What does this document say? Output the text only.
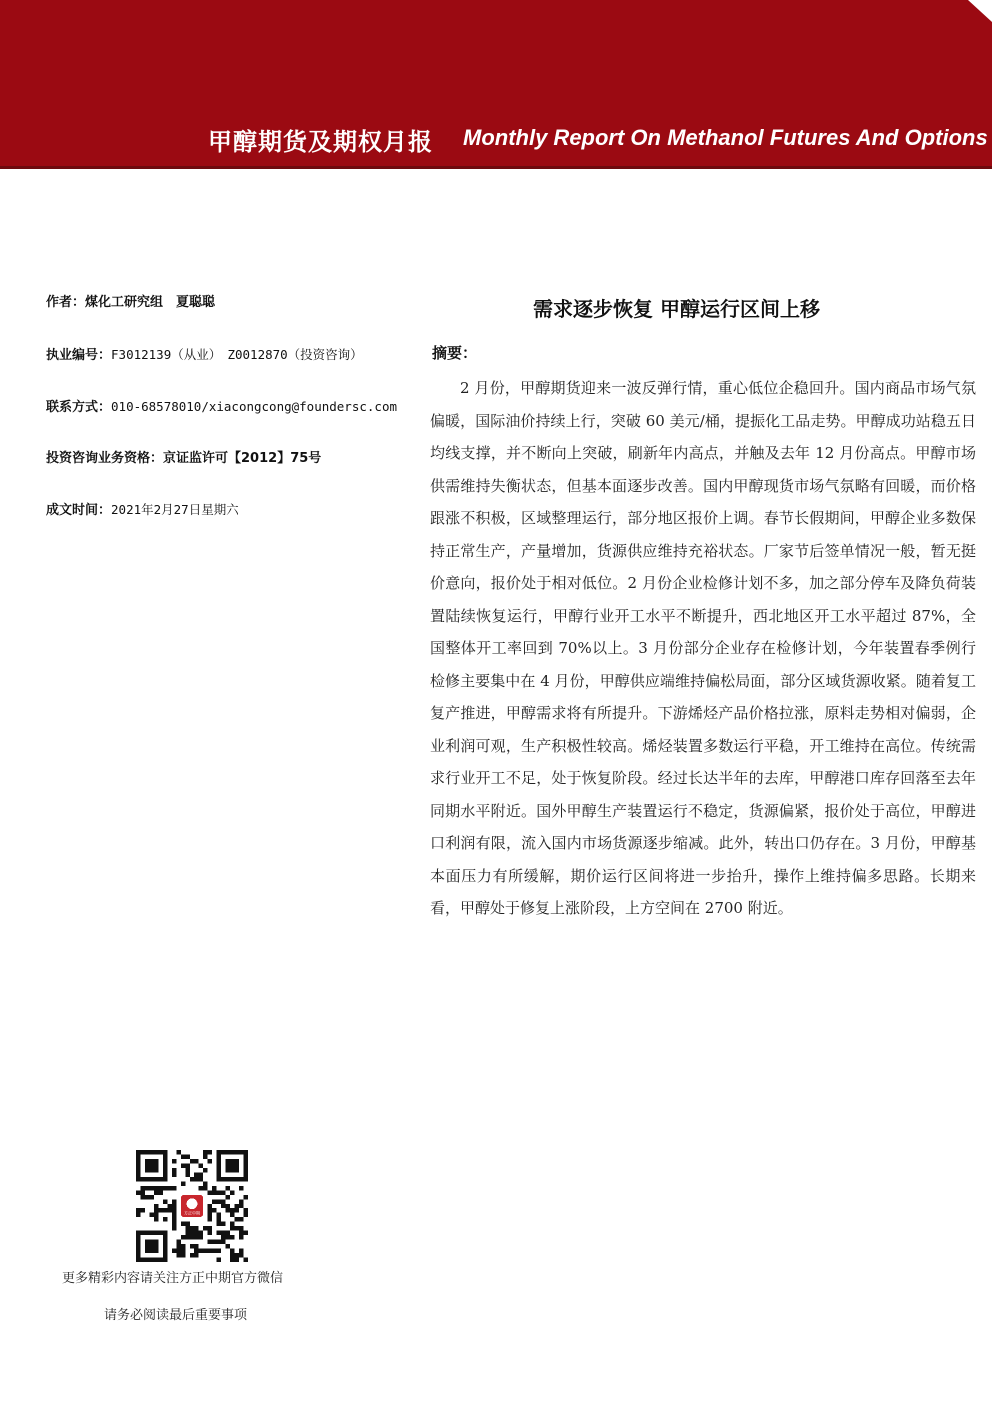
甲醇期货及期权月报 Monthly Report On Methanol Futures And Options
作者：煤化工研究组　夏聪聪
执业编号：F3012139（从业）　Z0012870（投资咨询）
联系方式：010-68578010/xiacongcong@foundersc.com
投资咨询业务资格：京证监许可【2012】75号
成文时间：2021年2月27日星期六
需求逐步恢复 甲醇运行区间上移
摘要：

2 月份，甲醇期货迎来一波反弹行情，重心低位企稳回升。国内商品市场气氛偏暖，国际油价持续上行，突破 60 美元/桶，提振化工品走势。甲醇成功站稳五日均线支撑，并不断向上突破，刷新年内高点，并触及去年 12 月份高点。甲醇市场供需维持失衡状态，但基本面逐步改善。国内甲醇现货市场气氛略有回暖，而价格跟涨不积极，区域整理运行，部分地区报价上调。春节长假期间，甲醇企业多数保持正常生产，产量增加，货源供应维持充裕状态。厂家节后签单情况一般，暂无挺价意向，报价处于相对低位。2 月份企业检修计划不多，加之部分停车及降负荷装置陆续恢复运行，甲醇行业开工水平不断提升，西北地区开工水平超过 87%，全国整体开工率回到 70%以上。3 月份部分企业存在检修计划，今年装置春季例行检修主要集中在 4 月份，甲醇供应端维持偏松局面，部分区域货源收紧。随着复工复产推进，甲醇需求将有所提升。下游烯烃产品价格拉涨，原料走势相对偏弱，企业利润可观，生产积极性较高。烯烃装置多数运行平稳，开工维持在高位。传统需求行业开工不足，处于恢复阶段。经过长达半年的去库，甲醇港口库存回落至去年同期水平附近。国外甲醇生产装置运行不稳定，货源偏紧，报价处于高位，甲醇进口利润有限，流入国内市场货源逐步缩减。此外，转出口仍存在。3 月份，甲醇基本面压力有所缓解，期价运行区间将进一步抬升，操作上维持偏多思路。长期来看，甲醇处于修复上涨阶段，上方空间在 2700 附近。

更多精彩内容请关注方正中期官方微信
请务必阅读最后重要事项
